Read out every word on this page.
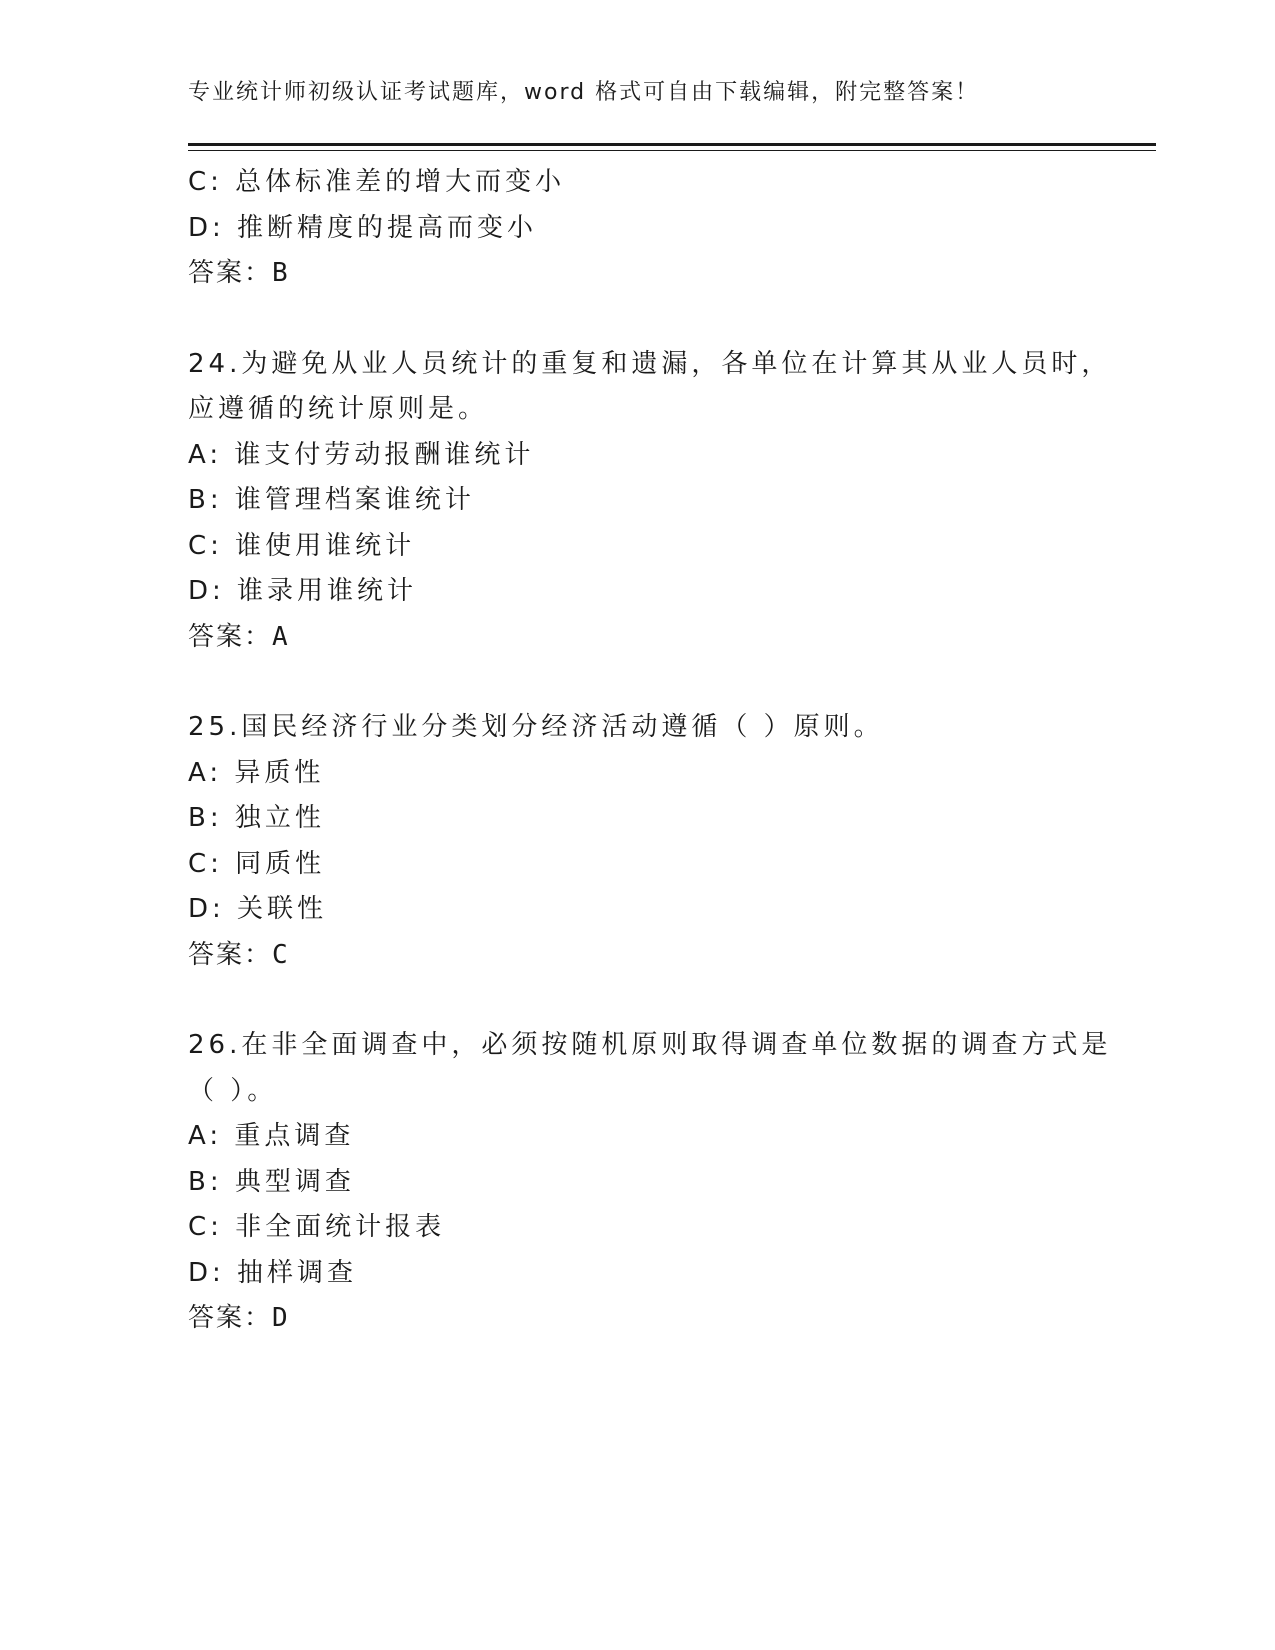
专业统计师初级认证考试题库，word 格式可自由下载编辑，附完整答案！
C: 总体标准差的增大而变小
D: 推断精度的提高而变小
答案：B
24.为避免从业人员统计的重复和遗漏，各单位在计算其从业人员时，
应遵循的统计原则是。
A: 谁支付劳动报酬谁统计
B: 谁管理档案谁统计
C: 谁使用谁统计
D: 谁录用谁统计
答案：A
25.国民经济行业分类划分经济活动遵循（ ）原则。
A: 异质性
B: 独立性
C: 同质性
D: 关联性
答案：C
26.在非全面调查中，必须按随机原则取得调查单位数据的调查方式是
（ ）。
A: 重点调查
B: 典型调查
C: 非全面统计报表
D: 抽样调查
答案：D
